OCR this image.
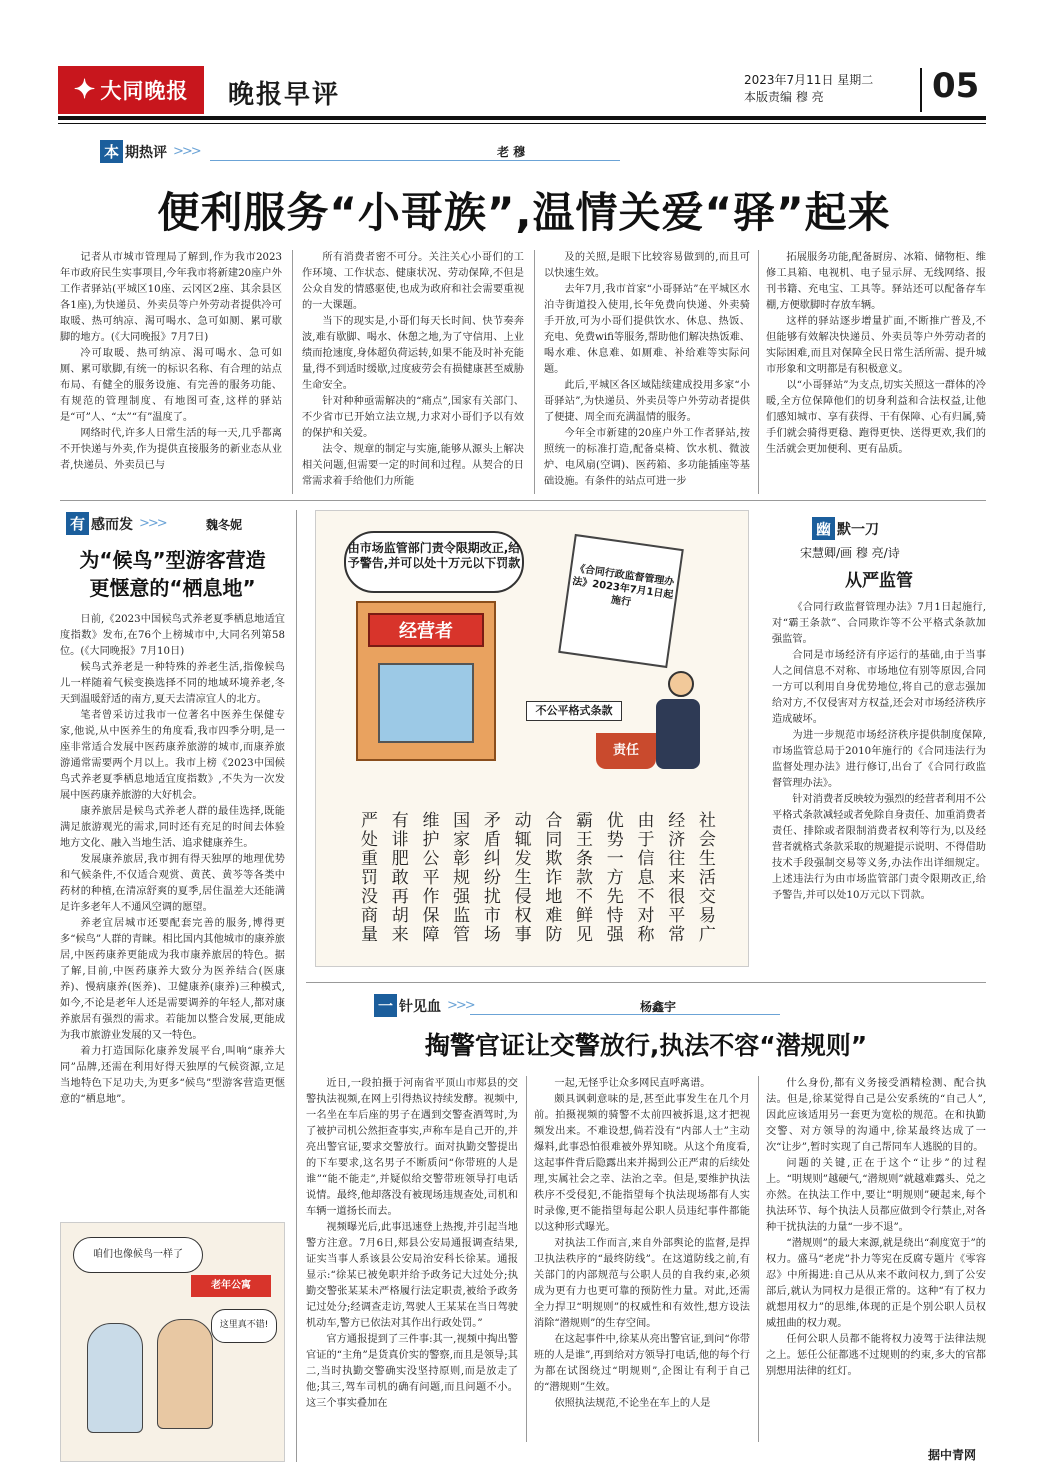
✦ 大同晚报 晚报早评	2023年7月11日 星期二
本版责编 穆 亮	05
本 期热评 >>>	老 穆
便利服务“小哥族”,温情关爱“驿”起来

记者从市城市管理局了解到,作为我市2023年市政府民生实事项目,今年我市将新建20座户外工作者驿站(平城区10座、云冈区2座、其余县区各1座),为快递员、外卖员等户外劳动者提供冷可取暖、热可纳凉、渴可喝水、急可如厕、累可歇脚的地方。(《大同晚报》7月7日)

冷可取暖、热可纳凉、渴可喝水、急可如厕、累可歇脚,有统一的标识名称、有合理的站点布局、有健全的服务设施、有完善的服务功能、有规范的管理制度、有地图可查,这样的驿站是“可”人、“太”“有”温度了。

网络时代,许多人日常生活的每一天,几乎都离不开快递与外卖,作为提供直接服务的新业态从业者,快递员、外卖员已与

所有消费者密不可分。关注关心小哥们的工作环境、工作状态、健康状况、劳动保障,不但是公众自发的情感驱使,也成为政府和社会需要重视的一大课题。

当下的现实是,小哥们每天长时间、快节奏奔波,难有歇脚、喝水、休憩之地,为了守信用、上业绩而抢速度,身体超负荷运转,如果不能及时补充能量,得不到适时缓歇,过度疲劳会有损健康甚至威胁生命安全。

针对种种亟需解决的“痛点”,国家有关部门、不少省市已开始立法立规,力求对小哥们予以有效的保护和关爱。

法令、规章的制定与实施,能够从源头上解决相关问题,但需要一定的时间和过程。从契合的日常需求着手给他们力所能

及的关照,是眼下比较容易做到的,而且可以快速生效。

去年7月,我市首家“小哥驿站”在平城区水泊寺街道投入使用,长年免费向快递、外卖骑手开放,可为小哥们提供饮水、休息、热饭、充电、免费wifi等服务,帮助他们解决热饭难、喝水难、休息难、如厕难、补给难等实际问题。

此后,平城区各区域陆续建成投用多家“小哥驿站”,为快递员、外卖员等户外劳动者提供了便捷、周全而充满温情的服务。

今年全市新建的20座户外工作者驿站,按照统一的标准打造,配备桌椅、饮水机、微波炉、电风扇(空调)、医药箱、多功能插座等基础设施。有条件的站点可进一步

拓展服务功能,配备厨房、冰箱、储物柜、维修工具箱、电视机、电子显示屏、无线网络、报刊书籍、充电宝、工具等。驿站还可以配备存车棚,方便歇脚时存放车辆。

这样的驿站逐步增量扩面,不断推广普及,不但能够有效解决快递员、外卖员等户外劳动者的实际困难,而且对保障全民日常生活所需、提升城市形象和文明都是有积极意义。

以“小哥驿站”为支点,切实关照这一群体的冷暖,全方位保障他们的切身利益和合法权益,让他们感知城市、享有获得、干有保障、心有归属,骑手们就会骑得更稳、跑得更快、送得更欢,我们的生活就会更加便利、更有品质。

有 感而发 >>>	魏冬妮
为“候鸟”型游客营造
更惬意的“栖息地”

日前,《2023中国候鸟式养老夏季栖息地适宜度指数》发布,在76个上榜城市中,大同名列第58位。(《大同晚报》7月10日)

候鸟式养老是一种特殊的养老生活,指像候鸟儿一样随着气候变换选择不同的地域环境养老,冬天到温暖舒适的南方,夏天去清凉宜人的北方。

笔者曾采访过我市一位著名中医养生保健专家,他说,从中医养生的角度看,我市四季分明,是一座非常适合发展中医药康养旅游的城市,而康养旅游通常需要两个月以上。我市上榜《2023中国候鸟式养老夏季栖息地适宜度指数》,不失为一次发展中医药康养旅游的大好机会。

康养旅居是候鸟式养老人群的最佳选择,既能满足旅游观光的需求,同时还有充足的时间去体验地方文化、融入当地生活、追求健康养生。

发展康养旅居,我市拥有得天独厚的地理优势和气候条件,不仅适合观赏、黄芪、黄芩等各类中药材的种植,在清凉舒爽的夏季,居住温差大还能满足许多老年人不通风空调的愿望。

养老宜居城市还要配套完善的服务,博得更多“候鸟”人群的青睐。相比国内其他城市的康养旅居,中医药康养更能成为我市康养旅居的特色。据了解,目前,中医药康养大致分为医养结合(医康养)、慢病康养(医养)、卫健康养(康养)三种模式,如今,不论是老年人还是需要调养的年轻人,都对康养旅居有强烈的需求。若能加以整合发展,更能成为我市旅游业发展的又一特色。

着力打造国际化康养发展平台,叫响“康养大同”品牌,还需在利用好得天独厚的气候资源,立足当地特色下足功夫,为更多“候鸟”型游客营造更惬意的“栖息地”。

由市场监管部门责令限期改正,给予警告,并可以处十万元以下罚款
《合同行政监督管理办法》2023年7月1日起施行
经营者
不公平格式条款
责任
社会生活交易广
经济往来很平常
由于信息不对称
优势一方先恃强
霸王条款不鲜见
合同欺诈地难防
动辄发生侵权事
矛盾纠纷扰市场
国家彰规强监管
维护公平作保障
有诽肥敢再胡来
严处重罚没商量
幽 默一刀
宋慧卿/画 穆 亮/诗
从严监管

《合同行政监督管理办法》7月1日起施行,对“霸王条款”、合同欺诈等不公平格式条款加强监管。

合同是市场经济有序运行的基础,由于当事人之间信息不对称、市场地位有别等原因,合同一方可以利用自身优势地位,将自己的意志强加给对方,不仅侵害对方权益,还会对市场经济秩序造成破坏。

为进一步规范市场经济秩序提供制度保障,市场监管总局于2010年施行的《合同违法行为监督处理办法》进行修订,出台了《合同行政监督管理办法》。

针对消费者反映较为强烈的经营者利用不公平格式条款减轻或者免除自身责任、加重消费者责任、排除或者限制消费者权利等行为,以及经营者就格式条款采取的规避提示说明、不得借助技术手段强制交易等义务,办法作出详细规定。上述违法行为由市场监管部门责令限期改正,给予警告,并可以处10万元以下罚款。

一 针见血 >>>	杨鑫宇
掏警官证让交警放行,执法不容“潜规则”

近日,一段拍摄于河南省平顶山市郏县的交警执法视频,在网上引得热议持续发酵。视频中,一名坐在车后座的男子在遇到交警查酒驾时,为了被护司机公然拒查事实,声称车是自己开的,并亮出警官证,要求交警放行。面对执勤交警提出的下车要求,这名男子不断质问“你带班的人是谁”“能不能走”,并疑似给交警带班领导打电话说情。最终,他却落没有被现场违规查处,司机和车辆一道扬长而去。

视频曝光后,此事迅速登上热搜,并引起当地警方注意。7月6日,郏县公安局通报调查结果,证实当事人系该县公安局治安科长徐某。通报显示:“徐某已被免职并给予政务记大过处分;执勤交警张某某未严格履行法定职责,被给予政务记过处分;经调查走访,驾驶人王某某在当日驾驶机动车,警方已依法对其作出行政处罚。”

官方通报提到了三件事:其一,视频中掏出警官证的“主角”是货真价实的警察,而且是领导;其二,当时执勤交警确实没坚持原则,而是放走了他;其三,驾车司机的确有问题,而且问题不小。这三个事实叠加在

一起,无怪乎让众多网民直呼离谱。

颇具讽刺意味的是,甚至此事发生在几个月前。拍摄视频的骑警不太前四被拆退,这才把视频发出来。不难设想,倘若没有“内部人士”主动爆料,此事恐怕很难被外界知晓。从这个角度看,这起事件背后隐露出来并揭到公正严肃的后续处理,实属社会之幸、法治之幸。但是,要维护执法秩序不受侵犯,不能指望每个执法现场都有人实时录像,更不能指望每起公职人员违纪事件都能以这种形式曝光。

对执法工作而言,来自外部舆论的监督,是捍卫执法秩序的“最终防线”。在这道防线之前,有关部门的内部规范与公职人员的自我约束,必须成为更有力也更可靠的预防性力量。对此,还需全力捍卫“明规则”的权威性和有效性,想方设法消除“潜规则”的生存空间。

在这起事件中,徐某从亮出警官证,到问“你带班的人是谁”,再到给对方领导打电话,他的每个行为都在试图绕过“明规则”,企图让有利于自己的“潜规则”生效。

依照执法规范,不论坐在车上的人是

什么身份,都有义务接受酒精检测、配合执法。但是,徐某觉得自己是公安系统的“自己人”,因此应该适用另一套更为宽松的规范。在和执勤交警、对方领导的沟通中,徐某最终达成了一次“让步”,暂时实现了自己帮同车人逃脱的目的。

问题的关键,正在于这个“让步”的过程上。“明规则”越硬气,“潜规则”就越难露头、兑之亦然。在执法工作中,要让“明规则”硬起来,每个执法环节、每个执法人员都应做到令行禁止,对各种干扰执法的力量“一步不退”。

“潜规则”的最大来源,就是绕出“刹度宽于”的权力。盛马“老虎”扑力等宪在反腐专题片《零容忍》中所揭进:自己从从来不敢问权力,到了公安部后,就认为同权力是很正常的。这种“有了权力就想用权力”的思维,体现的正是个别公职人员权威扭曲的权力观。

任何公职人员都不能将权力凌驾于法律法规之上。惩任公征都逃不过规则的约束,多大的官都别想用法律的红灯。

据中青网
咱们也像候鸟一样了
老年公寓
这里真不错!
